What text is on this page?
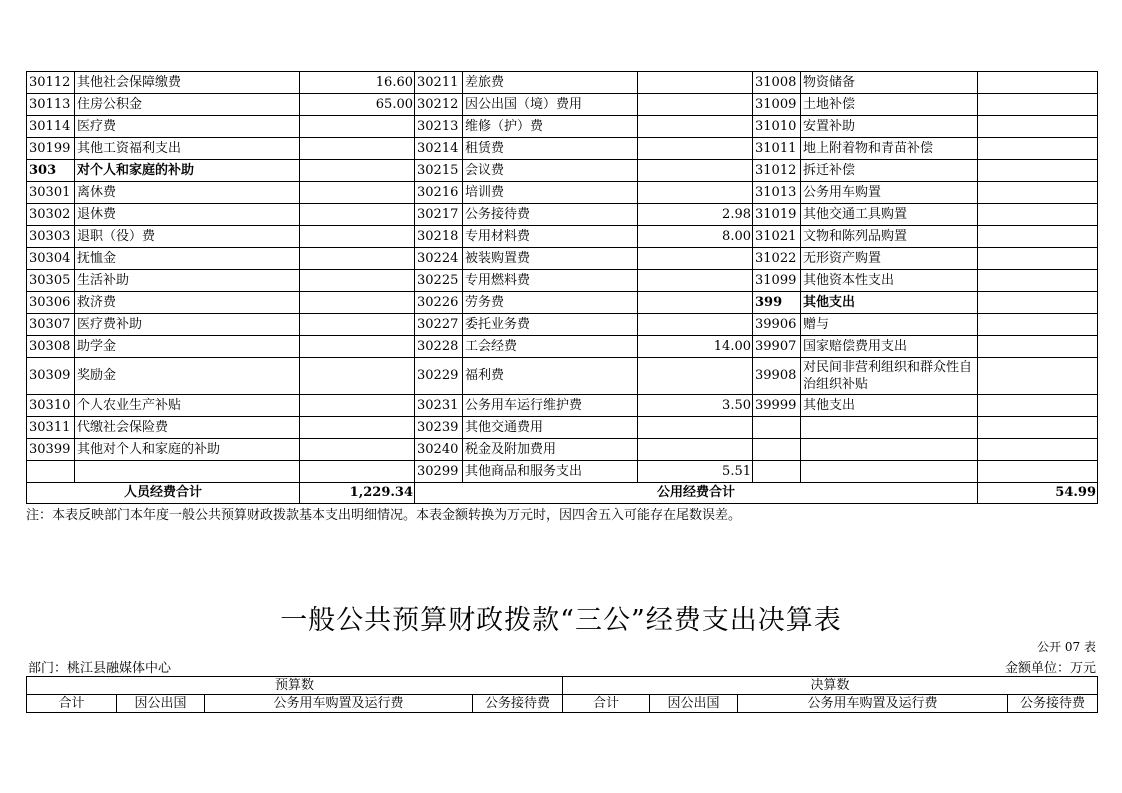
30112	其他社会保障缴费	16.60	30211	差旅费		31008	物资储备	
30113	住房公积金	65.00	30212	因公出国（境）费用		31009	土地补偿	
30114	医疗费		30213	维修（护）费		31010	安置补助	
30199	其他工资福利支出		30214	租赁费		31011	地上附着物和青苗补偿	
303	对个人和家庭的补助		30215	会议费		31012	拆迁补偿	
30301	离休费		30216	培训费		31013	公务用车购置	
30302	退休费		30217	公务接待费	2.98	31019	其他交通工具购置	
30303	退职（役）费		30218	专用材料费	8.00	31021	文物和陈列品购置	
30304	抚恤金		30224	被装购置费		31022	无形资产购置	
30305	生活补助		30225	专用燃料费		31099	其他资本性支出	
30306	救济费		30226	劳务费		399	其他支出	
30307	医疗费补助		30227	委托业务费		39906	赠与	
30308	助学金		30228	工会经费	14.00	39907	国家赔偿费用支出	
30309	奖励金		30229	福利费		39908	对民间非营利组织和群众性自治组织补贴	
30310	个人农业生产补贴		30231	公务用车运行维护费	3.50	39999	其他支出	
30311	代缴社会保险费		30239	其他交通费用				
30399	其他对个人和家庭的补助		30240	税金及附加费用				
			30299	其他商品和服务支出	5.51			
人员经费合计		1,229.34	公用经费合计					54.99
注：本表反映部门本年度一般公共预算财政拨款基本支出明细情况。本表金额转换为万元时，因四舍五入可能存在尾数误差。
一般公共预算财政拨款“三公”经费支出决算表
公开 07 表
部门：桃江县融媒体中心	金额单位：万元
预算数				决算数			
合计	因公出国	公务用车购置及运行费	公务接待费	合计	因公出国	公务用车购置及运行费	公务接待费
